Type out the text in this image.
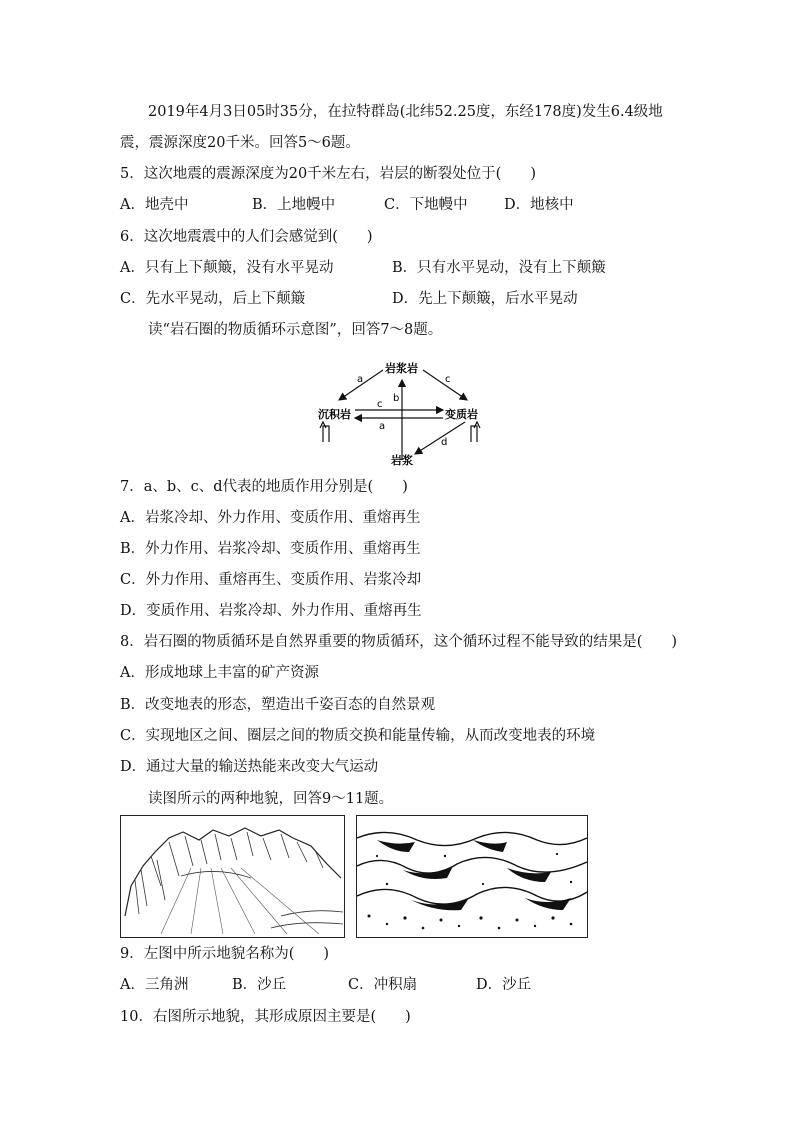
2019年4月3日05时35分，在拉特群岛(北纬52.25度，东经178度)发生6.4级地
震，震源深度20千米。回答5～6题。
5．这次地震的震源深度为20千米左右，岩层的断裂处位于(　　)
A．地壳中	B．上地幔中	C．下地幔中	D．地核中
6．这次地震震中的人们会感觉到(　　)
A．只有上下颠簸，没有水平晃动	B．只有水平晃动，没有上下颠簸
C．先水平晃动，后上下颠簸	D．先上下颠簸，后水平晃动
读“岩石圈的物质循环示意图”，回答7～8题。
岩浆岩
沉积岩	变质岩
岩浆
a	c
b
c
a
d
7．a、b、c、d代表的地质作用分别是(　　)
A．岩浆冷却、外力作用、变质作用、重熔再生
B．外力作用、岩浆冷却、变质作用、重熔再生
C．外力作用、重熔再生、变质作用、岩浆冷却
D．变质作用、岩浆冷却、外力作用、重熔再生
8．岩石圈的物质循环是自然界重要的物质循环，这个循环过程不能导致的结果是(　　)
A．形成地球上丰富的矿产资源
B．改变地表的形态，塑造出千姿百态的自然景观
C．实现地区之间、圈层之间的物质交换和能量传输，从而改变地表的环境
D．通过大量的输送热能来改变大气运动
读图所示的两种地貌，回答9～11题。
9．左图中所示地貌名称为(　　)
A．三角洲	B．沙丘	C．冲积扇	D．沙丘
10．右图所示地貌，其形成原因主要是(　　)
